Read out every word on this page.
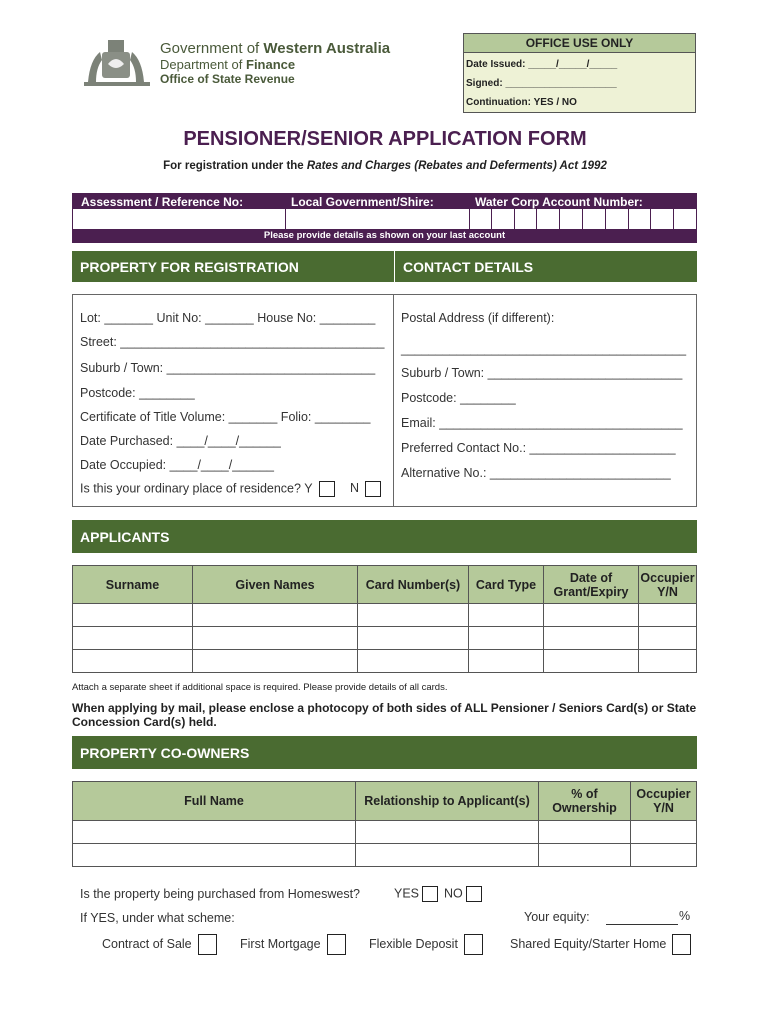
Government of Western Australia
Department of Finance
Office of State Revenue
OFFICE USE ONLY
Date Issued: _____/_____/_____
Signed: ____________________
Continuation: YES / NO
PENSIONER/SENIOR APPLICATION FORM
For registration under the Rates and Charges (Rebates and Deferments) Act 1992
Assessment / Reference No:	Local Government/Shire:	Water Corp Account Number:
Please provide details as shown on your last account
PROPERTY FOR REGISTRATION	CONTACT DETAILS
Lot: _______ Unit No: _______ House No: ________
Street: ______________________________________
Suburb / Town: ______________________________
Postcode: ________
Certificate of Title Volume: _______ Folio: ________
Date Purchased: ____/____/______
Date Occupied: ____/____/______
Is this your ordinary place of residence? Y	N
Postal Address (if different):
_________________________________________
Suburb / Town: ____________________________
Postcode: ________
Email: ___________________________________
Preferred Contact No.: _____________________
Alternative No.: __________________________
APPLICANTS
Surname	Given Names	Card Number(s)	Card Type	Date of Grant/Expiry	Occupier Y/N

Attach a separate sheet if additional space is required. Please provide details of all cards.
When applying by mail, please enclose a photocopy of both sides of ALL Pensioner / Seniors Card(s) or State Concession Card(s) held.
PROPERTY CO-OWNERS
Full Name	Relationship to Applicant(s)	% of Ownership	Occupier Y/N

Is the property being purchased from Homeswest?	YES	NO
If YES, under what scheme:	Your equity:	%
Contract of Sale	First Mortgage	Flexible Deposit	Shared Equity/Starter Home
